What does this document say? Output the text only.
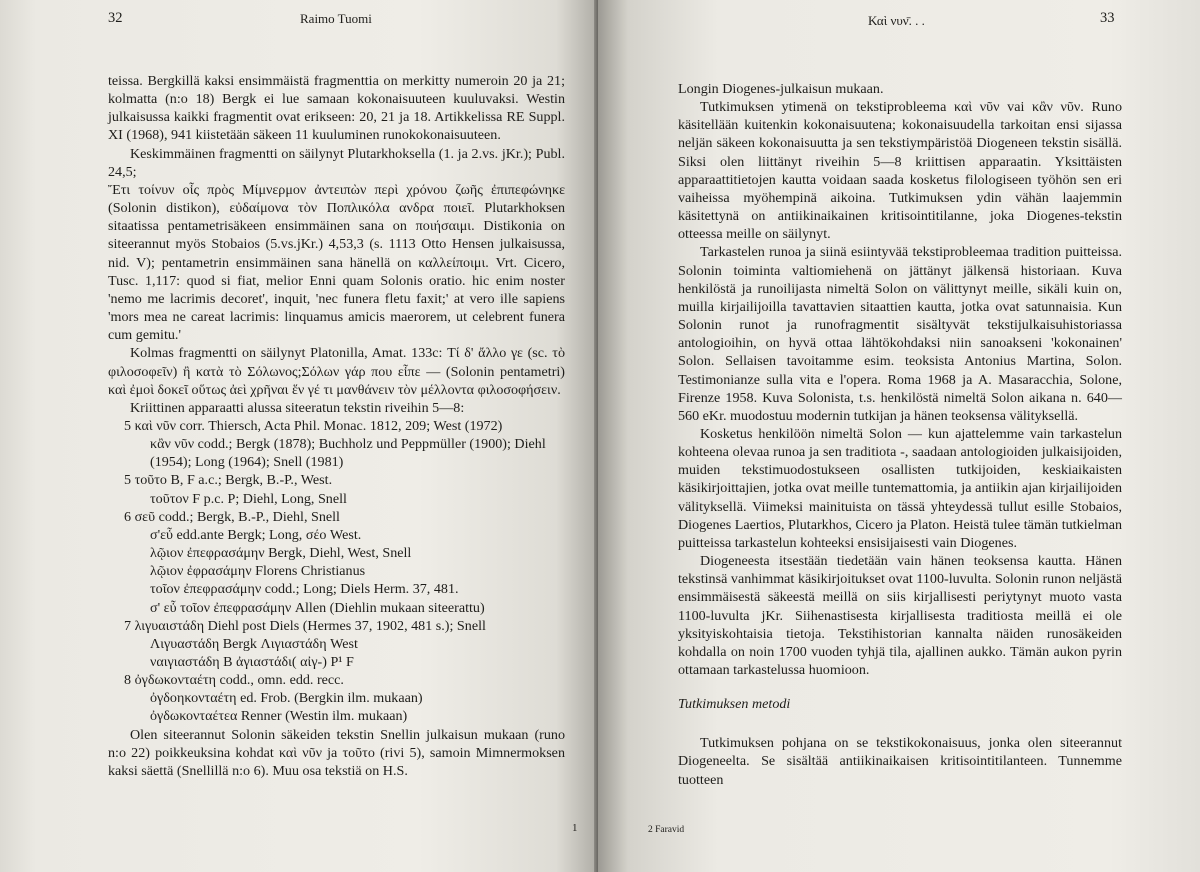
32	Raimo Tuomi

teissa. Bergkillä kaksi ensimmäistä fragmenttia on merkitty numeroin 20 ja 21; kolmatta (n:o 18) Bergk ei lue samaan kokonaisuuteen kuuluvaksi. Westin julkaisussa kaikki fragmentit ovat erikseen: 20, 21 ja 18. Artikkelissa RE Suppl. XI (1968), 941 kiistetään säkeen 11 kuuluminen runokokonaisuuteen.

Keskimmäinen fragmentti on säilynyt Plutarkhoksella (1. ja 2.vs. jKr.); Publ. 24,5;

Ἔτι τοίνυν οἷς πρὸς Μίμνερμον ἀντειπὼν περὶ χρόνου ζωῆς ἐπιπεφώνηκε (Solonin distikon), εὐδαίμονα τὸν Ποπλικόλα ανδρα ποιεῖ. Plutarkhoksen sitaatissa pentametrisäkeen ensimmäinen sana on ποιήσαιμι. Distikonia on siteerannut myös Stobaios (5.vs.jKr.) 4,53,3 (s. 1113 Otto Hensen julkaisussa, nid. V); pentametrin ensimmäinen sana hänellä on καλλείποιμι. Vrt. Cicero, Tusc. 1,117: quod si fiat, melior Enni quam Solonis oratio. hic enim noster 'nemo me lacrimis decoret', inquit, 'nec funera fletu faxit;' at vero ille sapiens 'mors mea ne careat lacrimis: linquamus amicis maerorem, ut celebrent funera cum gemitu.'

Kolmas fragmentti on säilynyt Platonilla, Amat. 133c: Τί δ' ἄλλο γε (sc. τὸ φιλοσοφεῖν) ἢ κατὰ τὸ Σόλωνος;Σόλων γάρ που εἶπε — (Solonin pentametri) καὶ ἐμοὶ δοκεῖ οὕτως ἀεὶ χρῆναι ἕν γέ τι μανθάνειν τὸν μέλλοντα φιλοσοφήσειν.

Kriittinen apparaatti alussa siteeratun tekstin riveihin 5—8:

5 καὶ νῦν corr. Thiersch, Acta Phil. Monac. 1812, 209; West (1972)

κἂν νῦν codd.; Bergk (1878); Buchholz und Peppmüller (1900); Diehl (1954); Long (1964); Snell (1981)

5 τοῦτο B, F a.c.; Bergk, B.-P., West.

τοῦτον F p.c. P; Diehl, Long, Snell

6 σεῦ codd.; Bergk, B.-P., Diehl, Snell

σ'εὖ edd.ante Bergk; Long, σέο West.

λῷιον ἐπεφρασάμην Bergk, Diehl, West, Snell

λῷιον ἐφρασάμην Florens Christianus

τοῖον ἐπεφρασάμην codd.; Long; Diels Herm. 37, 481.

σ' εὖ τοῖον ἐπεφρασάμην Allen (Diehlin mukaan siteerattu)

7 λιγυαιστάδη Diehl post Diels (Hermes 37, 1902, 481 s.); Snell

Λιγυαστάδη Bergk Λιγιαστάδη West

ναιγιαστάδη B ἀγιαστάδι( αἰγ-) P¹ F

8 ὀγδωκονταέτη codd., omn. edd. recc.

ὀγδοηκονταέτη ed. Frob. (Bergkin ilm. mukaan)

ὀγδωκονταέτεα Renner (Westin ilm. mukaan)

Olen siteerannut Solonin säkeiden tekstin Snellin julkaisun mukaan (runo n:o 22) poikkeuksina kohdat καὶ νῦν ja τοῦτο (rivi 5), samoin Mimnermoksen kaksi säettä (Snellillä n:o 6). Muu osa tekstiä on H.S.

1
Καὶ νυν̄. . .	33

Longin Diogenes-julkaisun mukaan.

Tutkimuksen ytimenä on tekstiprobleema καὶ νῦν vai κἂν νῦν. Runo käsitellään kuitenkin kokonaisuutena; kokonaisuudella tarkoitan ensi sijassa neljän säkeen kokonaisuutta ja sen tekstiympäristöä Diogeneen tekstin sisällä. Siksi olen liittänyt riveihin 5—8 kriittisen apparaatin. Yksittäisten apparaattitietojen kautta voidaan saada kosketus filologiseen työhön sen eri vaiheissa myöhempinä aikoina. Tutkimuksen ydin vähän laajemmin käsitettynä on antiikinaikainen kritisointitilanne, joka Diogenes-tekstin otteessa meille on säilynyt.

Tarkastelen runoa ja siinä esiintyvää tekstiprobleemaa tradition puitteissa. Solonin toiminta valtiomiehenä on jättänyt jälkensä historiaan. Kuva henkilöstä ja runoilijasta nimeltä Solon on välittynyt meille, sikäli kuin on, muilla kirjailijoilla tavattavien sitaattien kautta, jotka ovat satunnaisia. Kun Solonin runot ja runofragmentit sisältyvät tekstijulkaisuhistoriassa antologioihin, on hyvä ottaa lähtökohdaksi niin sanoakseni 'kokonainen' Solon. Sellaisen tavoitamme esim. teoksista Antonius Martina, Solon. Testimonianze sulla vita e l'opera. Roma 1968 ja A. Masaracchia, Solone, Firenze 1958. Kuva Solonista, t.s. henkilöstä nimeltä Solon aikana n. 640—560 eKr. muodostuu modernin tutkijan ja hänen teoksensa välityksellä.

Kosketus henkilöön nimeltä Solon — kun ajattelemme vain tarkastelun kohteena olevaa runoa ja sen traditiota -, saadaan antologioiden julkaisijoiden, muiden tekstimuodostukseen osallisten tutkijoiden, keskiaikaisten käsikirjoittajien, jotka ovat meille tuntemattomia, ja antiikin ajan kirjailijoiden välityksellä. Viimeksi mainituista on tässä yhteydessä tullut esille Stobaios, Diogenes Laertios, Plutarkhos, Cicero ja Platon. Heistä tulee tämän tutkielman puitteissa tarkastelun kohteeksi ensisijaisesti vain Diogenes.

Diogeneesta itsestään tiedetään vain hänen teoksensa kautta. Hänen tekstinsä vanhimmat käsikirjoitukset ovat 1100-luvulta. Solonin runon neljästä ensimmäisestä säkeestä meillä on siis kirjallisesti periytynyt muoto vasta 1100-luvulta jKr. Siihenastisesta kirjallisesta traditiosta meillä ei ole yksityiskohtaisia tietoja. Tekstihistorian kannalta näiden runosäkeiden kohdalla on noin 1700 vuoden tyhjä tila, ajallinen aukko. Tämän aukon pyrin ottamaan tarkastelussa huomioon.

Tutkimuksen metodi

Tutkimuksen pohjana on se tekstikokonaisuus, jonka olen siteerannut Diogeneelta. Se sisältää antiikinaikaisen kritisointitilanteen. Tunnemme tuotteen

2 Faravid
